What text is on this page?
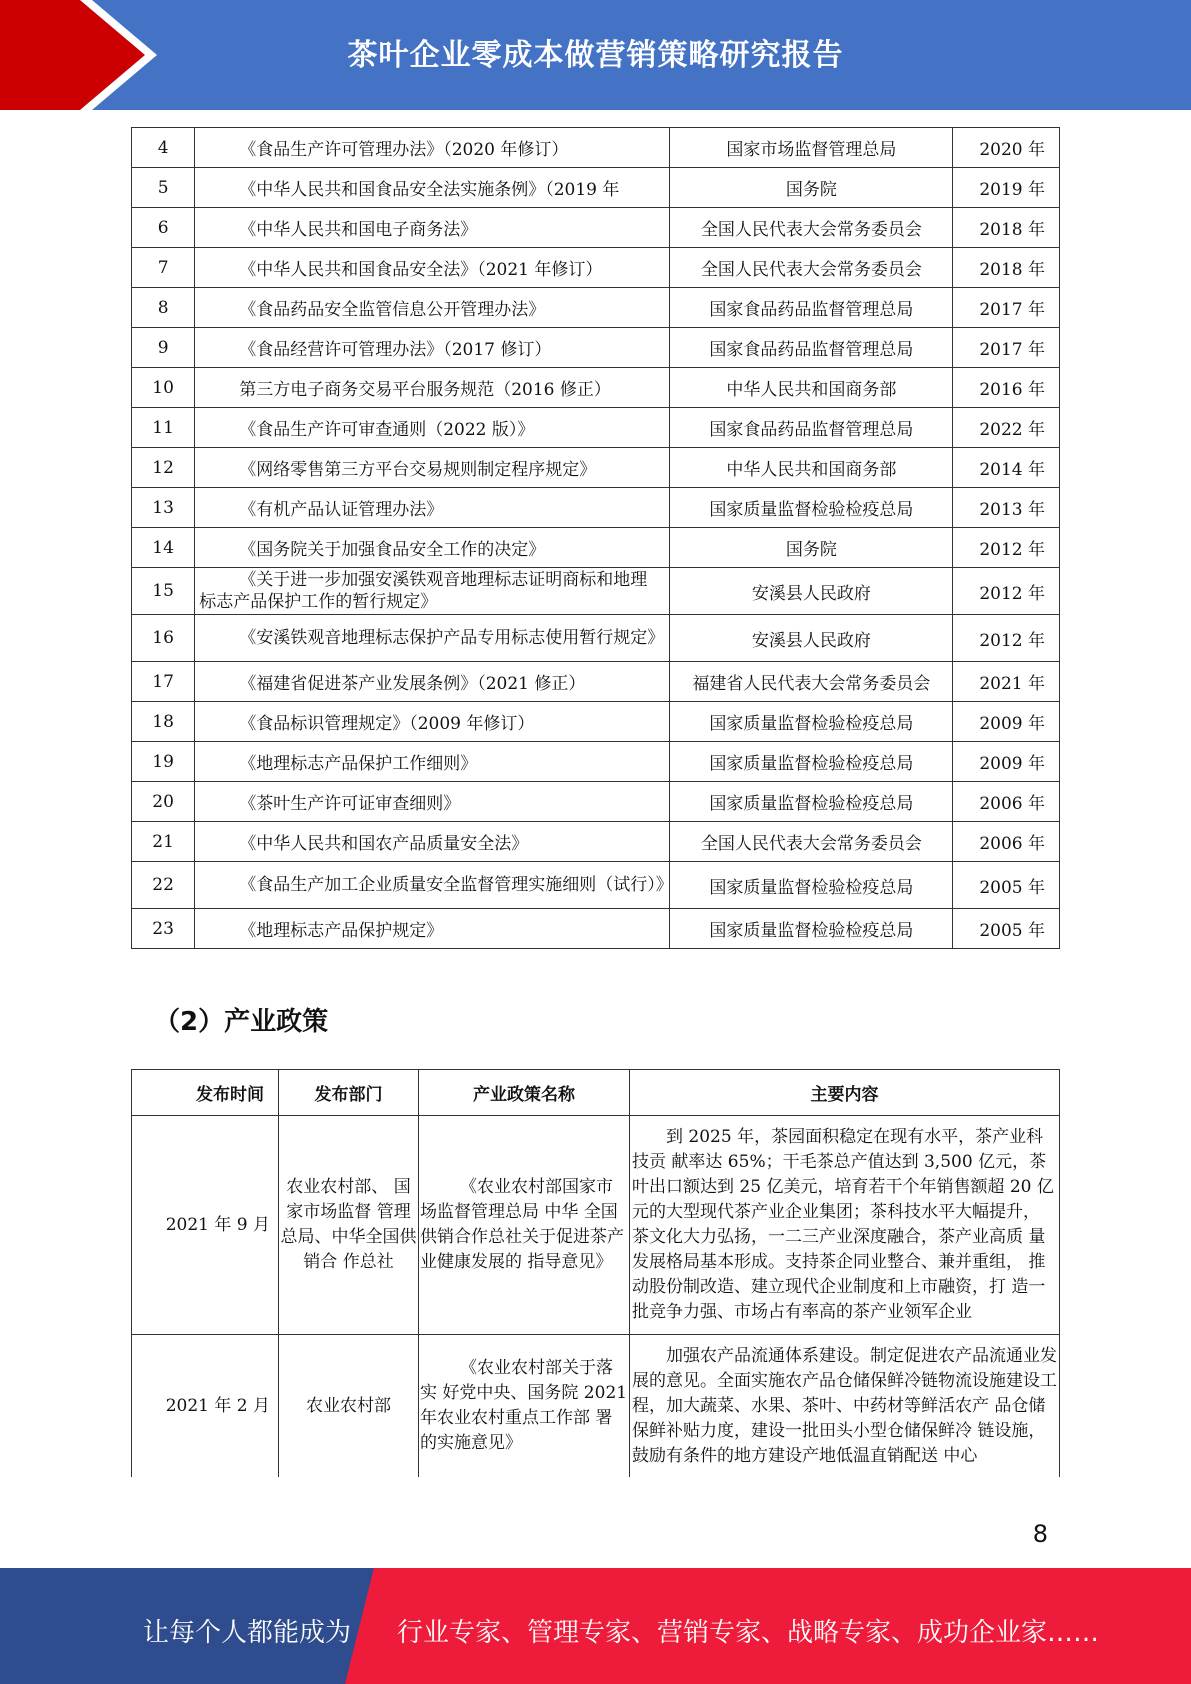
茶叶企业零成本做营销策略研究报告
4	《食品生产许可管理办法》（2020 年修订）	国家市场监督管理总局	2020 年
5	《中华人民共和国食品安全法实施条例》（2019 年	国务院	2019 年
6	《中华人民共和国电子商务法》	全国人民代表大会常务委员会	2018 年
7	《中华人民共和国食品安全法》（2021 年修订）	全国人民代表大会常务委员会	2018 年
8	《食品药品安全监管信息公开管理办法》	国家食品药品监督管理总局	2017 年
9	《食品经营许可管理办法》（2017 修订）	国家食品药品监督管理总局	2017 年
10	第三方电子商务交易平台服务规范（2016 修正）	中华人民共和国商务部	2016 年
11	《食品生产许可审查通则（2022 版）》	国家食品药品监督管理总局	2022 年
12	《网络零售第三方平台交易规则制定程序规定》	中华人民共和国商务部	2014 年
13	《有机产品认证管理办法》	国家质量监督检验检疫总局	2013 年
14	《国务院关于加强食品安全工作的决定》	国务院	2012 年
15	《关于进一步加强安溪铁观音地理标志证明商标和地理 标志产品保护工作的暂行规定》	安溪县人民政府	2012 年
16	《安溪铁观音地理标志保护产品专用标志使用暂行规定》	安溪县人民政府	2012 年
17	《福建省促进茶产业发展条例》（2021 修正）	福建省人民代表大会常务委员会	2021 年
18	《食品标识管理规定》（2009 年修订）	国家质量监督检验检疫总局	2009 年
19	《地理标志产品保护工作细则》	国家质量监督检验检疫总局	2009 年
20	《茶叶生产许可证审查细则》	国家质量监督检验检疫总局	2006 年
21	《中华人民共和国农产品质量安全法》	全国人民代表大会常务委员会	2006 年
22	《食品生产加工企业质量安全监督管理实施细则（试行）》	国家质量监督检验检疫总局	2005 年
23	《地理标志产品保护规定》	国家质量监督检验检疫总局	2005 年
（2）产业政策
发布时间	发布部门	产业政策名称	主要内容
2021 年 9 月	农业农村部、 国家市场监督 管理总局、中华全国供销合 作总社	《农业农村部国家市场监督管理总局 中华 全国供销合作总社关于促进茶产业健康发展的 指导意见》	到 2025 年，茶园面积稳定在现有水平，茶产业科技贡 献率达 65%；干毛茶总产值达到 3,500 亿元，茶叶出口额达到 25 亿美元，培育若干个年销售额超 20 亿元的大型现代茶产业企业集团；茶科技水平大幅提升， 茶文化大力弘扬，一二三产业深度融合，茶产业高质 量发展格局基本形成。支持茶企同业整合、兼并重组， 推动股份制改造、建立现代企业制度和上市融资，打 造一批竞争力强、市场占有率高的茶产业领军企业
2021 年 2 月	农业农村部	《农业农村部关于落实 好党中央、国务院 2021 年农业农村重点工作部 署的实施意见》	加强农产品流通体系建设。制定促进农产品流通业发 展的意见。全面实施农产品仓储保鲜冷链物流设施建设工程，加大蔬菜、水果、茶叶、中药材等鲜活农产 品仓储保鲜补贴力度，建设一批田头小型仓储保鲜冷 链设施，鼓励有条件的地方建设产地低温直销配送 中心
8
让每个人都能成为 行业专家、管理专家、营销专家、战略专家、成功企业家……
